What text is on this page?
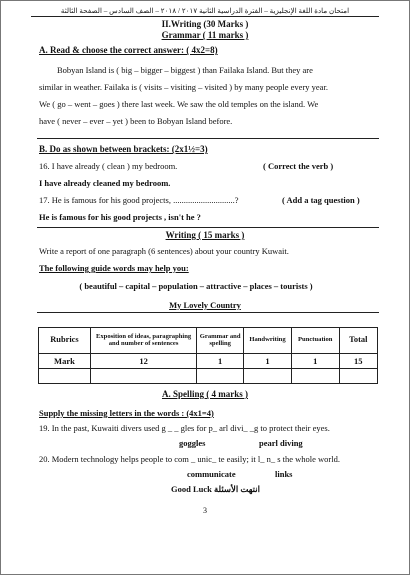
امتحان مادة اللغة الإنجليزية – الفترة الدراسية الثانية ٢٠١٧ / ٢٠١٨ – الصف السادس – الصفحة الثالثة
II.Writing (30 Marks )
Grammar ( 11 marks )
A. Read & choose the correct answer: ( 4x2=8)
Bobyan Island is ( big – bigger – biggest ) than Failaka Island. But they are
similar in weather. Failaka is ( visits – visiting – visited ) by many people every year.
We ( go – went – goes ) there last week. We saw the old temples on the island. We
have ( never – ever – yet ) been to Bobyan Island before.
B. Do as shown between brackets: (2x1½=3)
16. I have already ( clean ) my bedroom.	( Correct the verb )
I have already cleaned my bedroom.
17. He is famous for his good projects, .............................?	( Add a tag question )
He is famous for his good projects , isn't he ?
Writing ( 15 marks )
Write a report of one paragraph (6 sentences) about your country Kuwait.
The following guide words may help you:
( beautiful – capital – population – attractive – places – tourists )
My Lovely Country
Rubrics	Exposition of ideas, paragraphing and number of sentences	Grammar and spelling	Handwriting	Punctuation	Total
Mark	12	1	1	1	15

A. Spelling ( 4 marks )
Supply the missing letters in the words : (4x1=4)
19. In the past, Kuwaiti divers used g _ _ gles for p_ arl divi_ _g to protect their eyes.
goggles	pearl diving
20. Modern technology helps people to com _ unic_ te easily; it l_ n_ s the whole world.
communicate	links
Good Luck انتهت الأسئلة
3
